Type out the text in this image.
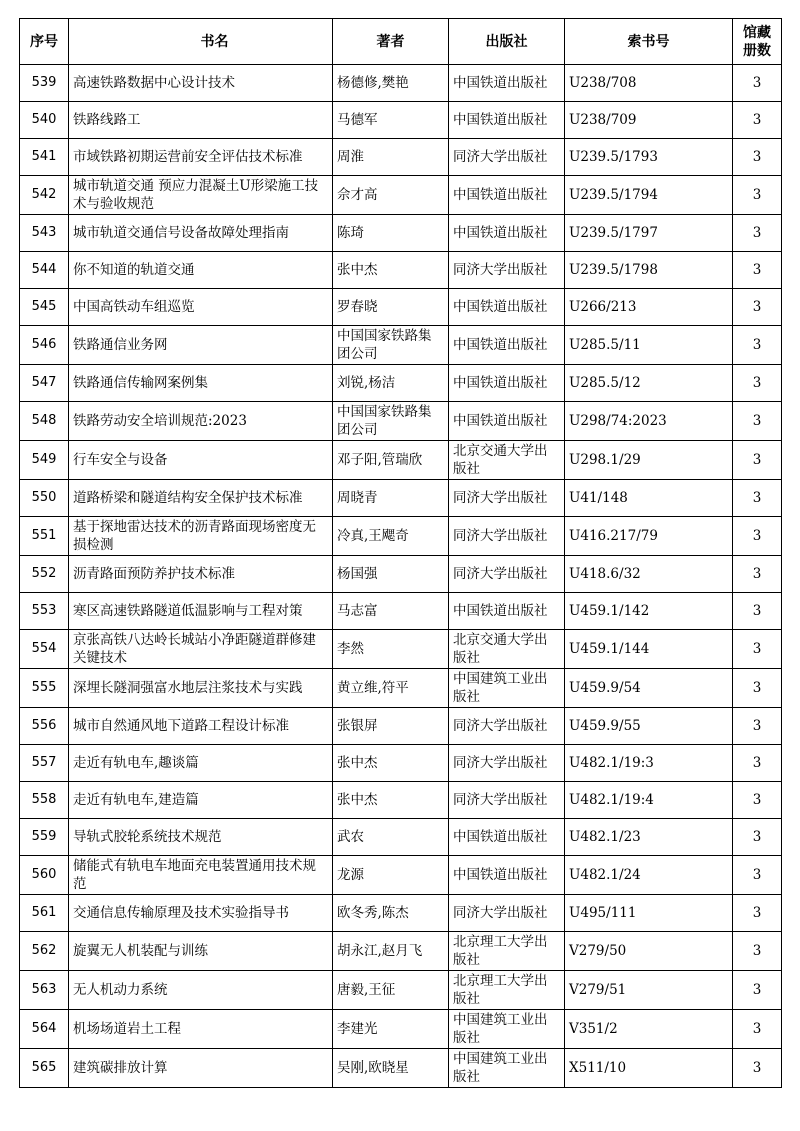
序号	书名	著者	出版社	索书号	馆藏册数
539	高速铁路数据中心设计技术	杨德修,樊艳	中国铁道出版社	U238/708	3
540	铁路线路工	马德军	中国铁道出版社	U238/709	3
541	市域铁路初期运营前安全评估技术标准	周淮	同济大学出版社	U239.5/1793	3
542	城市轨道交通 预应力混凝土U形梁施工技术与验收规范	佘才高	中国铁道出版社	U239.5/1794	3
543	城市轨道交通信号设备故障处理指南	陈琦	中国铁道出版社	U239.5/1797	3
544	你不知道的轨道交通	张中杰	同济大学出版社	U239.5/1798	3
545	中国高铁动车组巡览	罗春晓	中国铁道出版社	U266/213	3
546	铁路通信业务网	中国国家铁路集团公司	中国铁道出版社	U285.5/11	3
547	铁路通信传输网案例集	刘锐,杨洁	中国铁道出版社	U285.5/12	3
548	铁路劳动安全培训规范:2023	中国国家铁路集团公司	中国铁道出版社	U298/74:2023	3
549	行车安全与设备	邓子阳,管瑞欣	北京交通大学出版社	U298.1/29	3
550	道路桥梁和隧道结构安全保护技术标准	周晓青	同济大学出版社	U41/148	3
551	基于探地雷达技术的沥青路面现场密度无损检测	冷真,王飔奇	同济大学出版社	U416.217/79	3
552	沥青路面预防养护技术标准	杨国强	同济大学出版社	U418.6/32	3
553	寒区高速铁路隧道低温影响与工程对策	马志富	中国铁道出版社	U459.1/142	3
554	京张高铁八达岭长城站小净距隧道群修建关键技术	李然	北京交通大学出版社	U459.1/144	3
555	深埋长隧洞强富水地层注浆技术与实践	黄立维,符平	中国建筑工业出版社	U459.9/54	3
556	城市自然通风地下道路工程设计标准	张银屏	同济大学出版社	U459.9/55	3
557	走近有轨电车,趣谈篇	张中杰	同济大学出版社	U482.1/19:3	3
558	走近有轨电车,建造篇	张中杰	同济大学出版社	U482.1/19:4	3
559	导轨式胶轮系统技术规范	武农	中国铁道出版社	U482.1/23	3
560	储能式有轨电车地面充电装置通用技术规范	龙源	中国铁道出版社	U482.1/24	3
561	交通信息传输原理及技术实验指导书	欧冬秀,陈杰	同济大学出版社	U495/111	3
562	旋翼无人机装配与训练	胡永江,赵月飞	北京理工大学出版社	V279/50	3
563	无人机动力系统	唐毅,王征	北京理工大学出版社	V279/51	3
564	机场场道岩土工程	李建光	中国建筑工业出版社	V351/2	3
565	建筑碳排放计算	吴刚,欧晓星	中国建筑工业出版社	X511/10	3
